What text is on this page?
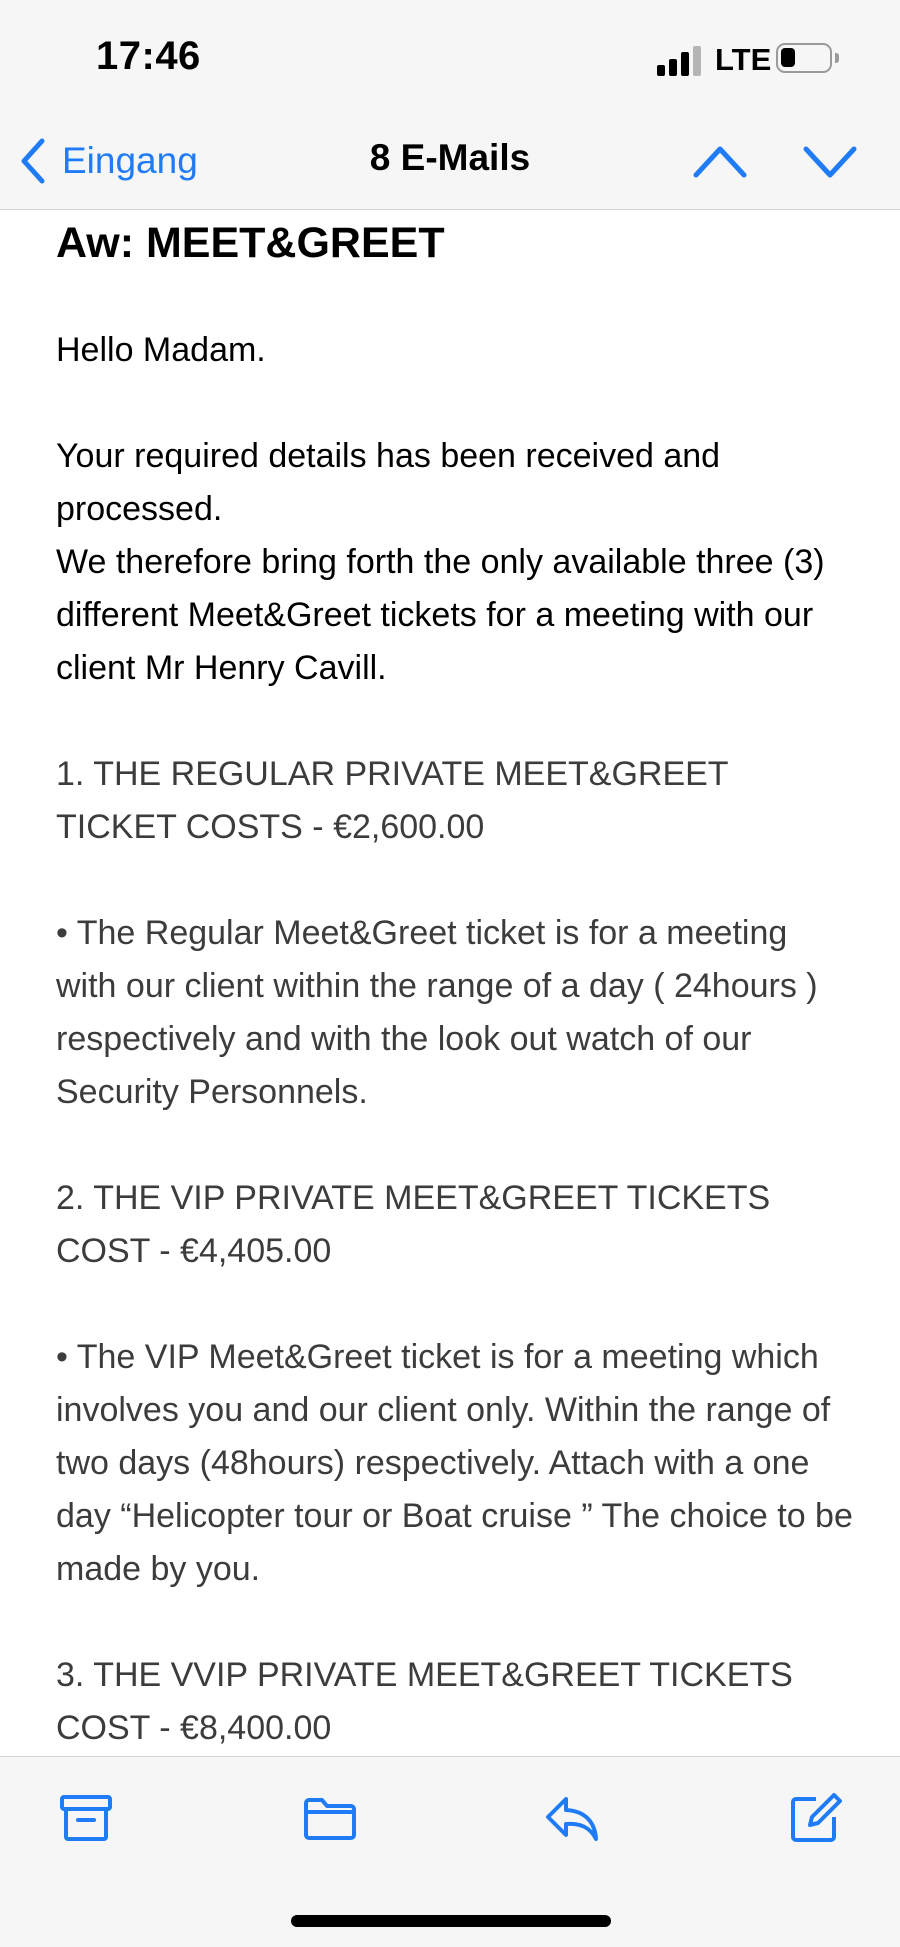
17:46	LTE
Eingang	8 E-Mails
Aw: MEET&GREET

Hello Madam.

Your required details has been received and processed.

We therefore bring forth the only available three (3) different Meet&Greet tickets for a meeting with our client Mr Henry Cavill.

1. THE REGULAR PRIVATE MEET&GREET TICKET COSTS - €2,600.00

• The Regular Meet&Greet ticket is for a meeting with our client within the range of a day ( 24hours ) respectively and with the look out watch of our Security Personnels.

2. THE VIP PRIVATE MEET&GREET TICKETS COST - €4,405.00

• The VIP Meet&Greet ticket is for a meeting which involves you and our client only. Within the range of two days (48hours) respectively. Attach with a one day “Helicopter tour or Boat cruise ” The choice to be made by you.

3. THE VVIP PRIVATE MEET&GREET TICKETS COST - €8,400.00
